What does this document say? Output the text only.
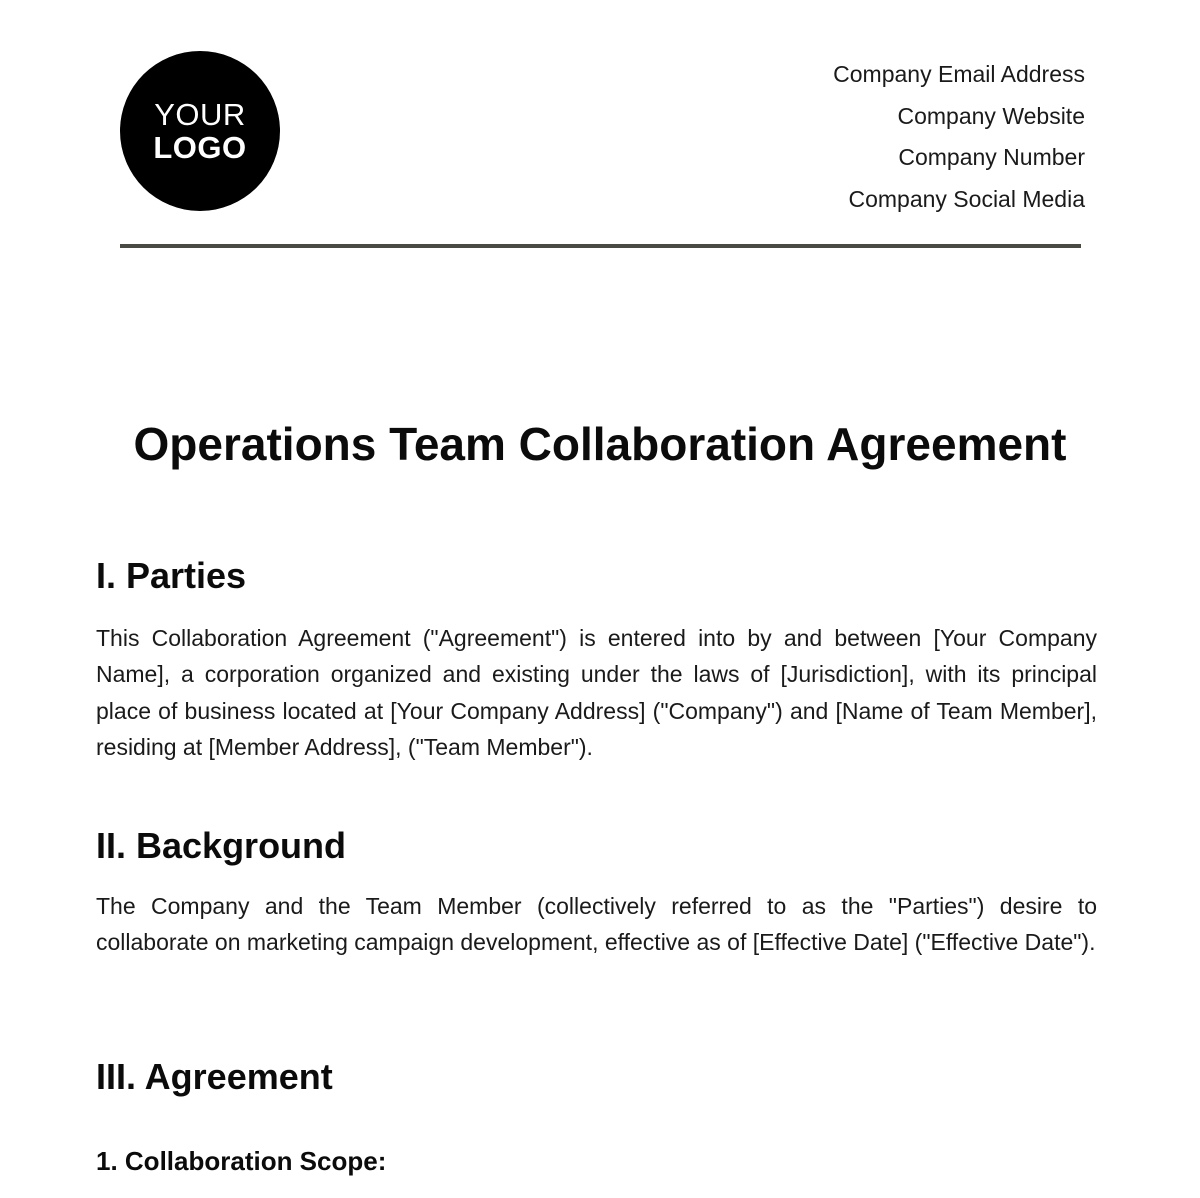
YOUR
LOGO
Company Email Address
Company Website
Company Number
Company Social Media
Operations Team Collaboration Agreement
I. Parties

This Collaboration Agreement ("Agreement") is entered into by and between [Your Company Name], a corporation organized and existing under the laws of [Jurisdiction], with its principal place of business located at [Your Company Address] ("Company") and [Name of Team Member], residing at [Member Address], ("Team Member").

II. Background

The Company and the Team Member (collectively referred to as the "Parties") desire to collaborate on marketing campaign development, effective as of [Effective Date] ("Effective Date").

III. Agreement
1. Collaboration Scope:
